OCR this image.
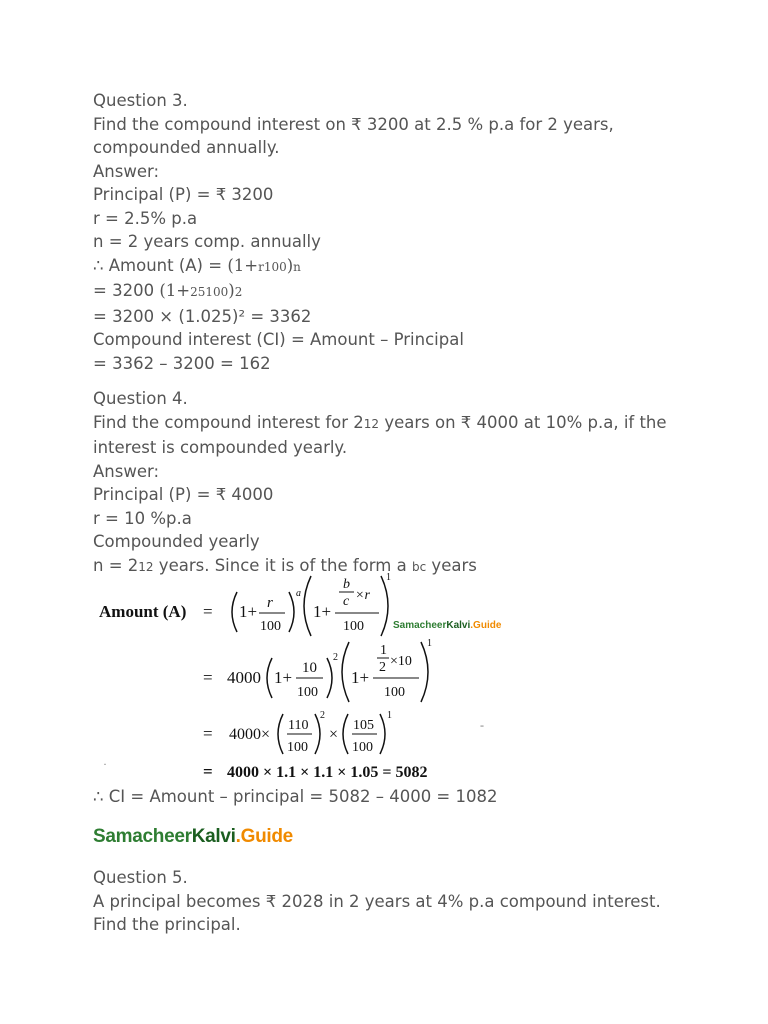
Question 3.
Find the compound interest on ₹ 3200 at 2.5 % p.a for 2 years,
compounded annually.
Answer:
Principal (P) = ₹ 3200
r = 2.5% p.a
n = 2 years comp. annually
∴ Amount (A) = (1+r100)n
= 3200 (1+25100)2
= 3200 × (1.025)² = 3362
Compound interest (CI) = Amount – Principal
= 3362 – 3200 = 162
Question 4.
Find the compound interest for 212 years on ₹ 4000 at 10% p.a, if the
interest is compounded yearly.
Answer:
Principal (P) = ₹ 4000
r = 10 %p.a
Compounded yearly
n = 212 years. Since it is of the form a bc years
Amount (A) = 1+ r
100
a
1+
b
c ×r
100
1
= 4000 1+ 10
100
2
1+
1
2 ×10
100
1
= 4000×
110
100
2
×
105
100
1
-
·	= 4000 × 1.1 × 1.1 × 1.05 = 5082
SamacheerKalvi.Guide
∴ CI = Amount – principal = 5082 – 4000 = 1082
SamacheerKalvi.Guide
Question 5.
A principal becomes ₹ 2028 in 2 years at 4% p.a compound interest.
Find the principal.
